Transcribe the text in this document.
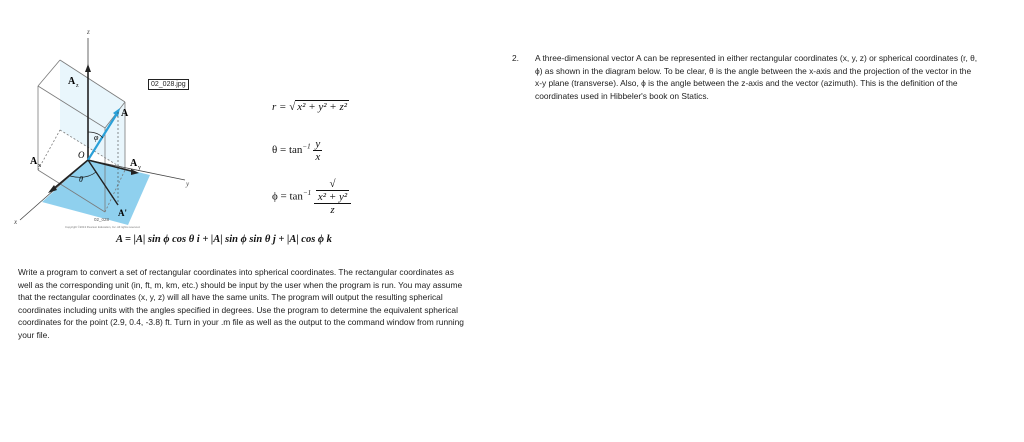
z
x
y
A z
A x	A y
A
A'
O
φ
θ
02_028
Copyright ©2013 Pearson Education, Inc. All rights reserved.
02_028.jpg
r = √ x² + y² + z²
$\theta = \tan^{-1} \frac{y}{x}$
$\phi = \tan^{-1}$ √
x² + y²
z
A = |A| sin ϕ cos θ i + |A| sin ϕ sin θ j + |A| cos ϕ k
Write a program to convert a set of rectangular coordinates into spherical coordinates. The rectangular coordinates as well as the corresponding unit (in, ft, m, km, etc.) should be input by the user when the program is run. You may assume that the rectangular coordinates (x, y, z) will all have the same units. The program will output the resulting spherical coordinates including units with the angles specified in degrees. Use the program to determine the equivalent spherical coordinates for the point (2.9, 0.4, -3.8) ft. Turn in your .m file as well as the output to the command window from running your file.
2. A three-dimensional vector A can be represented in either rectangular coordinates (x, y, z) or spherical coordinates (r, θ, ϕ) as shown in the diagram below. To be clear, θ is the angle between the x-axis and the projection of the vector in the x-y plane (transverse). Also, ϕ is the angle between the z-axis and the vector (azimuth). This is the definition of the coordinates used in Hibbeler's book on Statics.
